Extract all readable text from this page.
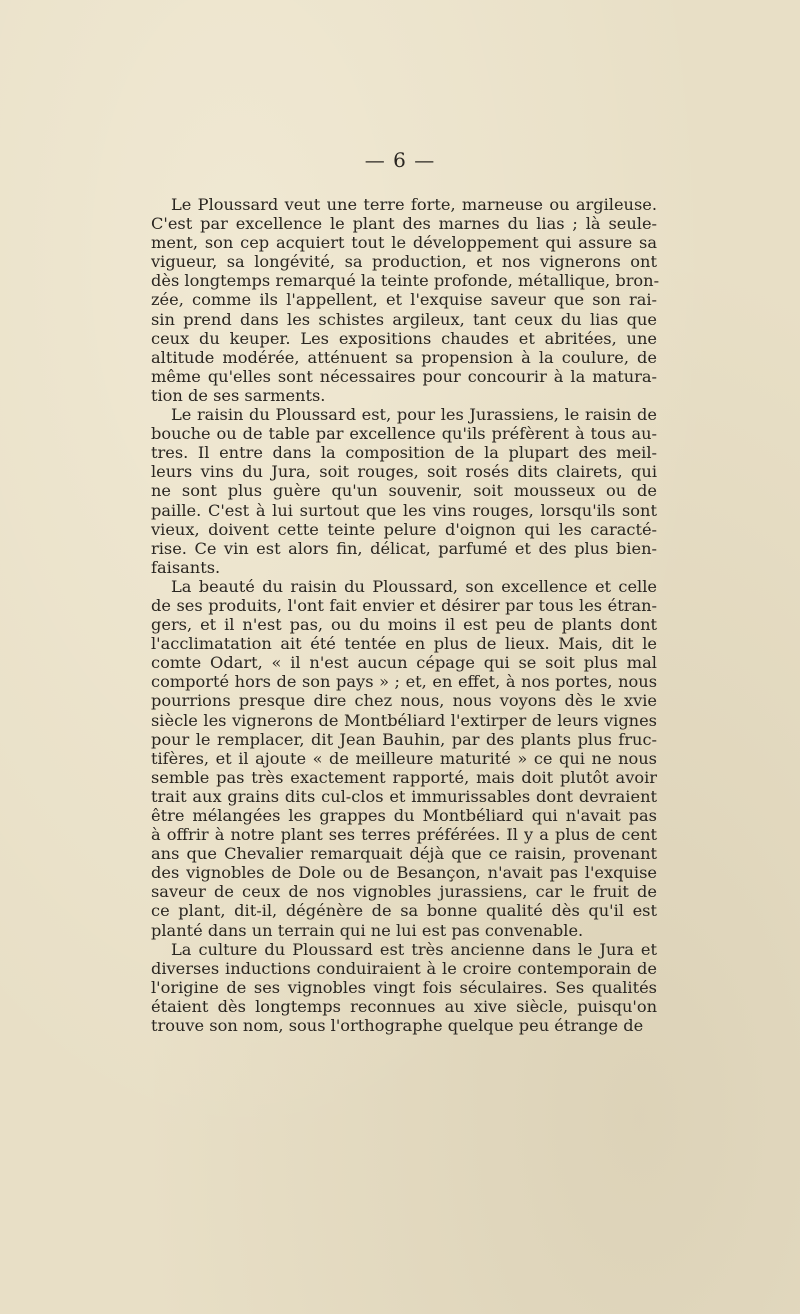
— 6 —
Le Ploussard veut une terre forte, marneuse ou argileuse.
C'est par excellence le plant des marnes du lias ; là seule-
ment, son cep acquiert tout le développement qui assure sa
vigueur, sa longévité, sa production, et nos vignerons ont
dès longtemps remarqué la teinte profonde, métallique, bron-
zée, comme ils l'appellent, et l'exquise saveur que son rai-
sin prend dans les schistes argileux, tant ceux du lias que
ceux du keuper. Les expositions chaudes et abritées, une
altitude modérée, atténuent sa propension à la coulure, de
même qu'elles sont nécessaires pour concourir à la matura-
tion de ses sarments.
Le raisin du Ploussard est, pour les Jurassiens, le raisin de
bouche ou de table par excellence qu'ils préfèrent à tous au-
tres. Il entre dans la composition de la plupart des meil-
leurs vins du Jura, soit rouges, soit rosés dits clairets, qui
ne sont plus guère qu'un souvenir, soit mousseux ou de
paille. C'est à lui surtout que les vins rouges, lorsqu'ils sont
vieux, doivent cette teinte pelure d'oignon qui les caracté-
rise. Ce vin est alors fin, délicat, parfumé et des plus bien-
faisants.
La beauté du raisin du Ploussard, son excellence et celle
de ses produits, l'ont fait envier et désirer par tous les étran-
gers, et il n'est pas, ou du moins il est peu de plants dont
l'acclimatation ait été tentée en plus de lieux. Mais, dit le
comte Odart, « il n'est aucun cépage qui se soit plus mal
comporté hors de son pays » ; et, en effet, à nos portes, nous
pourrions presque dire chez nous, nous voyons dès le xvie
siècle les vignerons de Montbéliard l'extirper de leurs vignes
pour le remplacer, dit Jean Bauhin, par des plants plus fruc-
tifères, et il ajoute « de meilleure maturité » ce qui ne nous
semble pas très exactement rapporté, mais doit plutôt avoir
trait aux grains dits cul-clos et immurissables dont devraient
être mélangées les grappes du Montbéliard qui n'avait pas
à offrir à notre plant ses terres préférées. Il y a plus de cent
ans que Chevalier remarquait déjà que ce raisin, provenant
des vignobles de Dole ou de Besançon, n'avait pas l'exquise
saveur de ceux de nos vignobles jurassiens, car le fruit de
ce plant, dit-il, dégénère de sa bonne qualité dès qu'il est
planté dans un terrain qui ne lui est pas convenable.
La culture du Ploussard est très ancienne dans le Jura et
diverses inductions conduiraient à le croire contemporain de
l'origine de ses vignobles vingt fois séculaires. Ses qualités
étaient dès longtemps reconnues au xive siècle, puisqu'on
trouve son nom, sous l'orthographe quelque peu étrange de
